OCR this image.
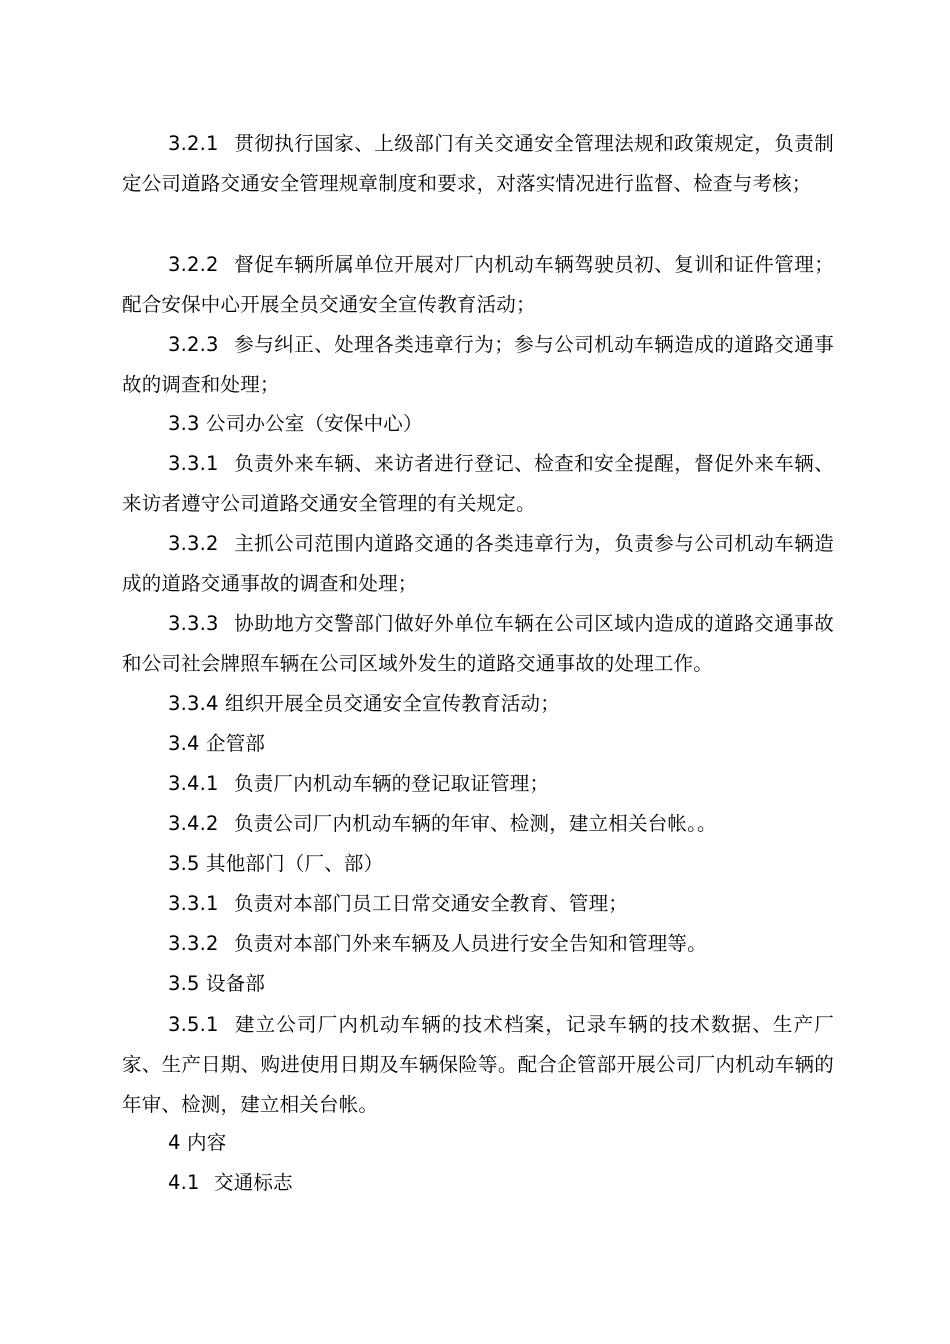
3.2.1 贯彻执行国家、上级部门有关交通安全管理法规和政策规定，负责制定公司道路交通安全管理规章制度和要求，对落实情况进行监督、检查与考核；

3.2.2 督促车辆所属单位开展对厂内机动车辆驾驶员初、复训和证件管理；配合安保中心开展全员交通安全宣传教育活动；

3.2.3 参与纠正、处理各类违章行为；参与公司机动车辆造成的道路交通事故的调查和处理；

3.3 公司办公室（安保中心）

3.3.1 负责外来车辆、来访者进行登记、检查和安全提醒，督促外来车辆、来访者遵守公司道路交通安全管理的有关规定。

3.3.2 主抓公司范围内道路交通的各类违章行为，负责参与公司机动车辆造成的道路交通事故的调查和处理；

3.3.3 协助地方交警部门做好外单位车辆在公司区域内造成的道路交通事故和公司社会牌照车辆在公司区域外发生的道路交通事故的处理工作。

3.3.4 组织开展全员交通安全宣传教育活动；

3.4 企管部

3.4.1 负责厂内机动车辆的登记取证管理；

3.4.2 负责公司厂内机动车辆的年审、检测，建立相关台帐。。

3.5 其他部门（厂、部）

3.3.1 负责对本部门员工日常交通安全教育、管理；

3.3.2 负责对本部门外来车辆及人员进行安全告知和管理等。

3.5 设备部

3.5.1 建立公司厂内机动车辆的技术档案，记录车辆的技术数据、生产厂家、生产日期、购进使用日期及车辆保险等。配合企管部开展公司厂内机动车辆的年审、检测，建立相关台帐。

4 内容

4.1 交通标志
